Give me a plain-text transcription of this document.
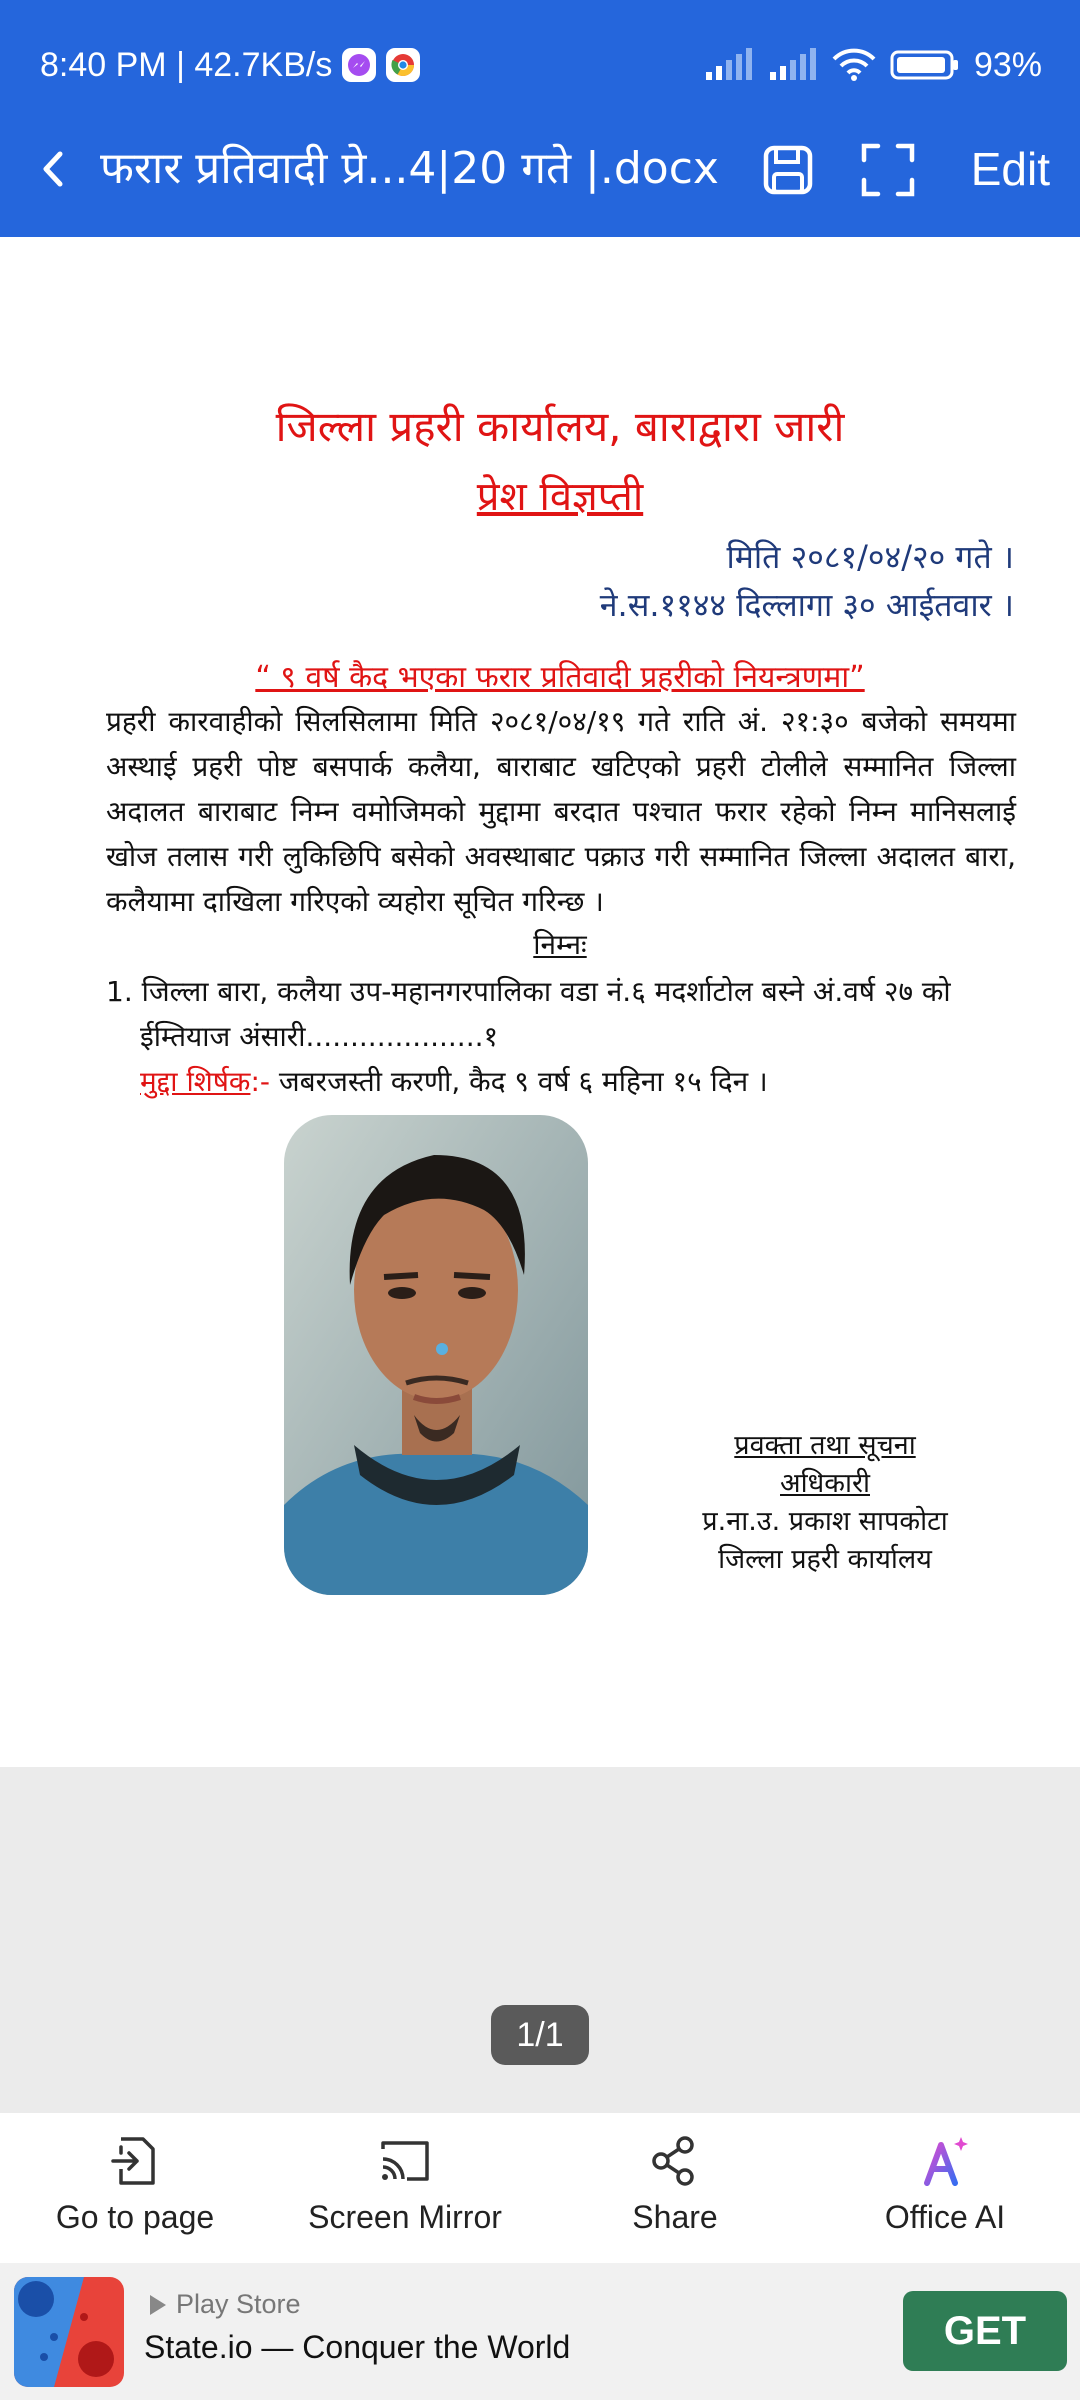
8:40 PM | 42.7KB/s	93%
फरार प्रतिवादी प्रे...4|20 गते |.docx	Edit
जिल्ला प्रहरी कार्यालय, बाराद्वारा जारी
प्रेश विज्ञप्ती
मिति २०८१/०४/२० गते ।
ने.स.११४४ दिल्लागा ३० आईतवार ।
“ ९ वर्ष कैद भएका फरार प्रतिवादी प्रहरीको नियन्त्रणमा”
प्रहरी कारवाहीको सिलसिलामा मिति २०८१/०४/१९ गते राति अं. २१:३० बजेको समयमा अस्थाई प्रहरी पोष्ट बसपार्क कलैया, बाराबाट खटिएको प्रहरी टोलीले सम्मानित जिल्ला अदालत बाराबाट निम्न वमोजिमको मुद्दामा बरदात पश्चात फरार रहेको निम्न मानिसलाई खोज तलास गरी लुकिछिपि बसेको अवस्थाबाट पक्राउ गरी सम्मानित जिल्ला अदालत बारा, कलैयामा दाखिला गरिएको व्यहोरा सूचित गरिन्छ ।
निम्नः
1. जिल्ला बारा, कलैया उप-महानगरपालिका वडा नं.६ मदर्शाटोल बस्ने अं.वर्ष २७ को
ईम्तियाज अंसारी....................१
मुद्दा शिर्षक:- जबरजस्ती करणी, कैद ९ वर्ष ६ महिना १५ दिन ।
प्रवक्ता तथा सूचना
अधिकारी
प्र.ना.उ. प्रकाश सापकोटा
जिल्ला प्रहरी कार्यालय
1/1
Go to page	Screen Mirror	Share	Office AI
Play Store
State.io — Conquer the World	GET
